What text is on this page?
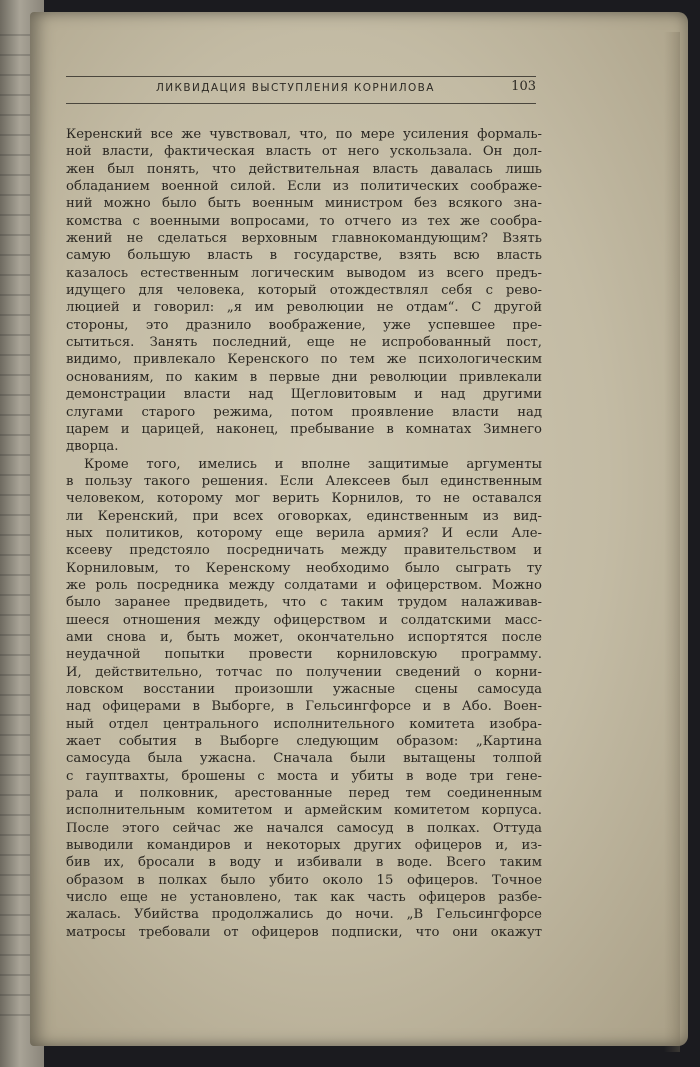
ЛИКВИДАЦИЯ ВЫСТУПЛЕНИЯ КОРНИЛОВА	103
Керенский все же чувствовал, что, по мере усиления формаль-
ной власти, фактическая власть от него ускользала. Он дол-
жен был понять, что действительная власть давалась лишь
обладанием военной силой. Если из политических соображе-
ний можно было быть военным министром без всякого зна-
комства с военными вопросами, то отчего из тех же сообра-
жений не сделаться верховным главнокомандующим? Взять
самую большую власть в государстве, взять всю власть
казалось естественным логическим выводом из всего предъ-
идущего для человека, который отождествлял себя с рево-
люцией и говорил: „я им революции не отдам“. С другой
стороны, это дразнило воображение, уже успевшее пре-
сытиться. Занять последний, еще не испробованный пост,
видимо, привлекало Керенского по тем же психологическим
основаниям, по каким в первые дни революции привлекали
демонстрации власти над Щегловитовым и над другими
слугами старого режима, потом проявление власти над
царем и царицей, наконец, пребывание в комнатах Зимнего
дворца.
Кроме того, имелись и вполне защитимые аргументы
в пользу такого решения. Если Алексеев был единственным
человеком, которому мог верить Корнилов, то не оставался
ли Керенский, при всех оговорках, единственным из вид-
ных политиков, которому еще верила армия? И если Але-
ксееву предстояло посредничать между правительством и
Корниловым, то Керенскому необходимо было сыграть ту
же роль посредника между солдатами и офицерством. Можно
было заранее предвидеть, что с таким трудом налаживав-
шееся отношения между офицерством и солдатскими масс-
ами снова и, быть может, окончательно испортятся после
неудачной попытки провести корниловскую программу.
И, действительно, тотчас по получении сведений о корни-
ловском восстании произошли ужасные сцены самосуда
над офицерами в Выборге, в Гельсингфорсе и в Або. Воен-
ный отдел центрального исполнительного комитета изобра-
жает события в Выборге следующим образом: „Картина
самосуда была ужасна. Сначала были вытащены толпой
с гауптвахты, брошены с моста и убиты в воде три гене-
рала и полковник, арестованные перед тем соединенным
исполнительным комитетом и армейским комитетом корпуса.
После этого сейчас же начался самосуд в полках. Оттуда
выводили командиров и некоторых других офицеров и, из-
бив их, бросали в воду и избивали в воде. Всего таким
образом в полках было убито около 15 офицеров. Точное
число еще не установлено, так как часть офицеров разбе-
жалась. Убийства продолжались до ночи. „В Гельсингфорсе
матросы требовали от офицеров подписки, что они окажут
